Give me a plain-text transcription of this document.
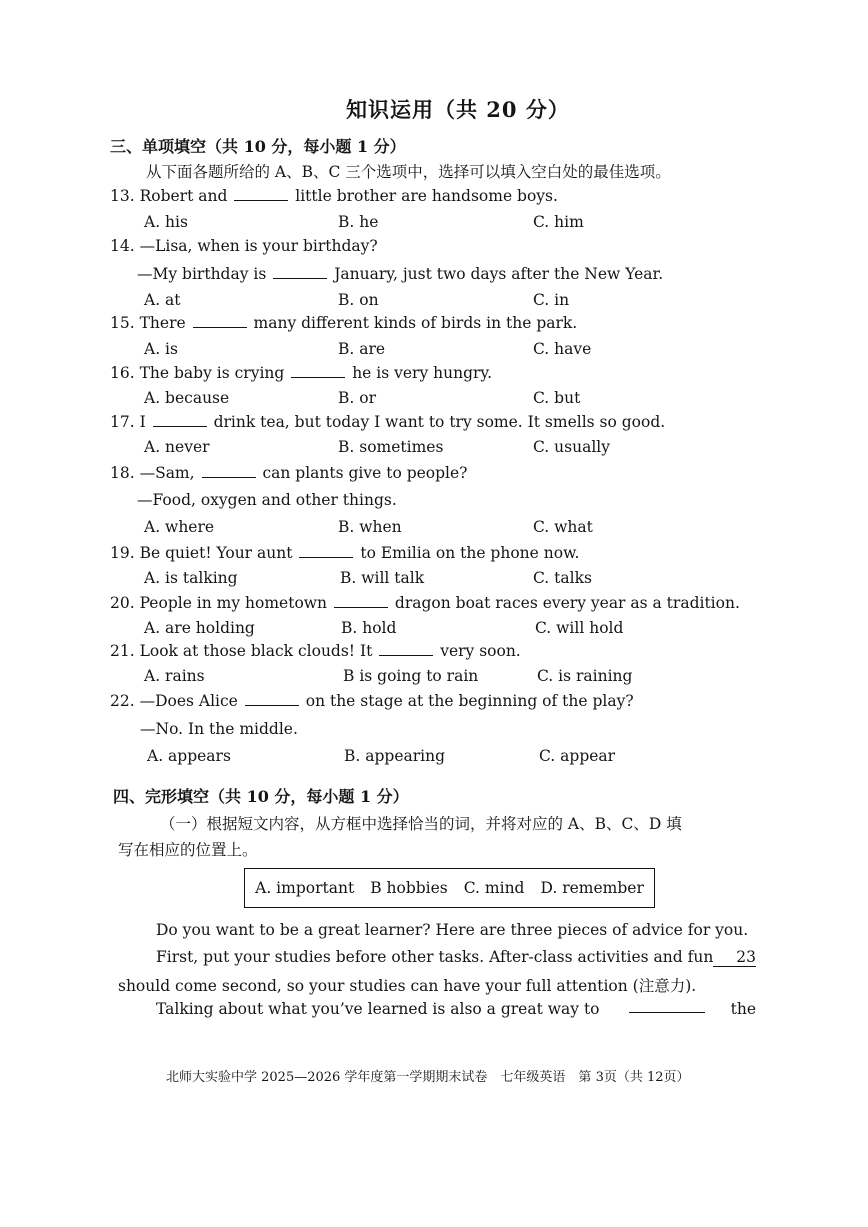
知识运用（共 20 分）
三、单项填空（共 10 分，每小题 1 分）
从下面各题所给的 A、B、C 三个选项中，选择可以填入空白处的最佳选项。
13. Robert and	little brother are handsome boys.
A. his	B. he	C. him
14. —Lisa, when is your birthday?
—My birthday is	January, just two days after the New Year.
A. at	B. on	C. in
15. There	many different kinds of birds in the park.
A. is	B. are	C. have
16. The baby is crying	he is very hungry.
A. because	B. or	C. but
17. I	drink tea, but today I want to try some. It smells so good.
A. never	B. sometimes	C. usually
18. —Sam,	can plants give to people?
—Food, oxygen and other things.
A. where	B. when	C. what
19. Be quiet! Your aunt	to Emilia on the phone now.
A. is talking	B. will talk	C. talks
20. People in my hometown	dragon boat races every year as a tradition.
A. are holding	B. hold	C. will hold
21. Look at those black clouds! It	very soon.
A. rains	B is going to rain	C. is raining
22. —Does Alice	on the stage at the beginning of the play?
—No. In the middle.
A. appears	B. appearing	C. appear
四、完形填空（共 10 分，每小题 1 分）
（一）根据短文内容，从方框中选择恰当的词，并将对应的 A、B、C、D 填
写在相应的位置上。
A. important B hobbies C. mind D. remember
Do you want to be a great learner? Here are three pieces of advice for you.
First, put your studies before other tasks. After-class activities and fun	23
should come second, so your studies can have your full attention (注意力).
Talking about what you’ve learned is also a great way to	the
北师大实验中学 2025—2026 学年度第一学期期末试卷　七年级英语　第 3页（共 12页）
